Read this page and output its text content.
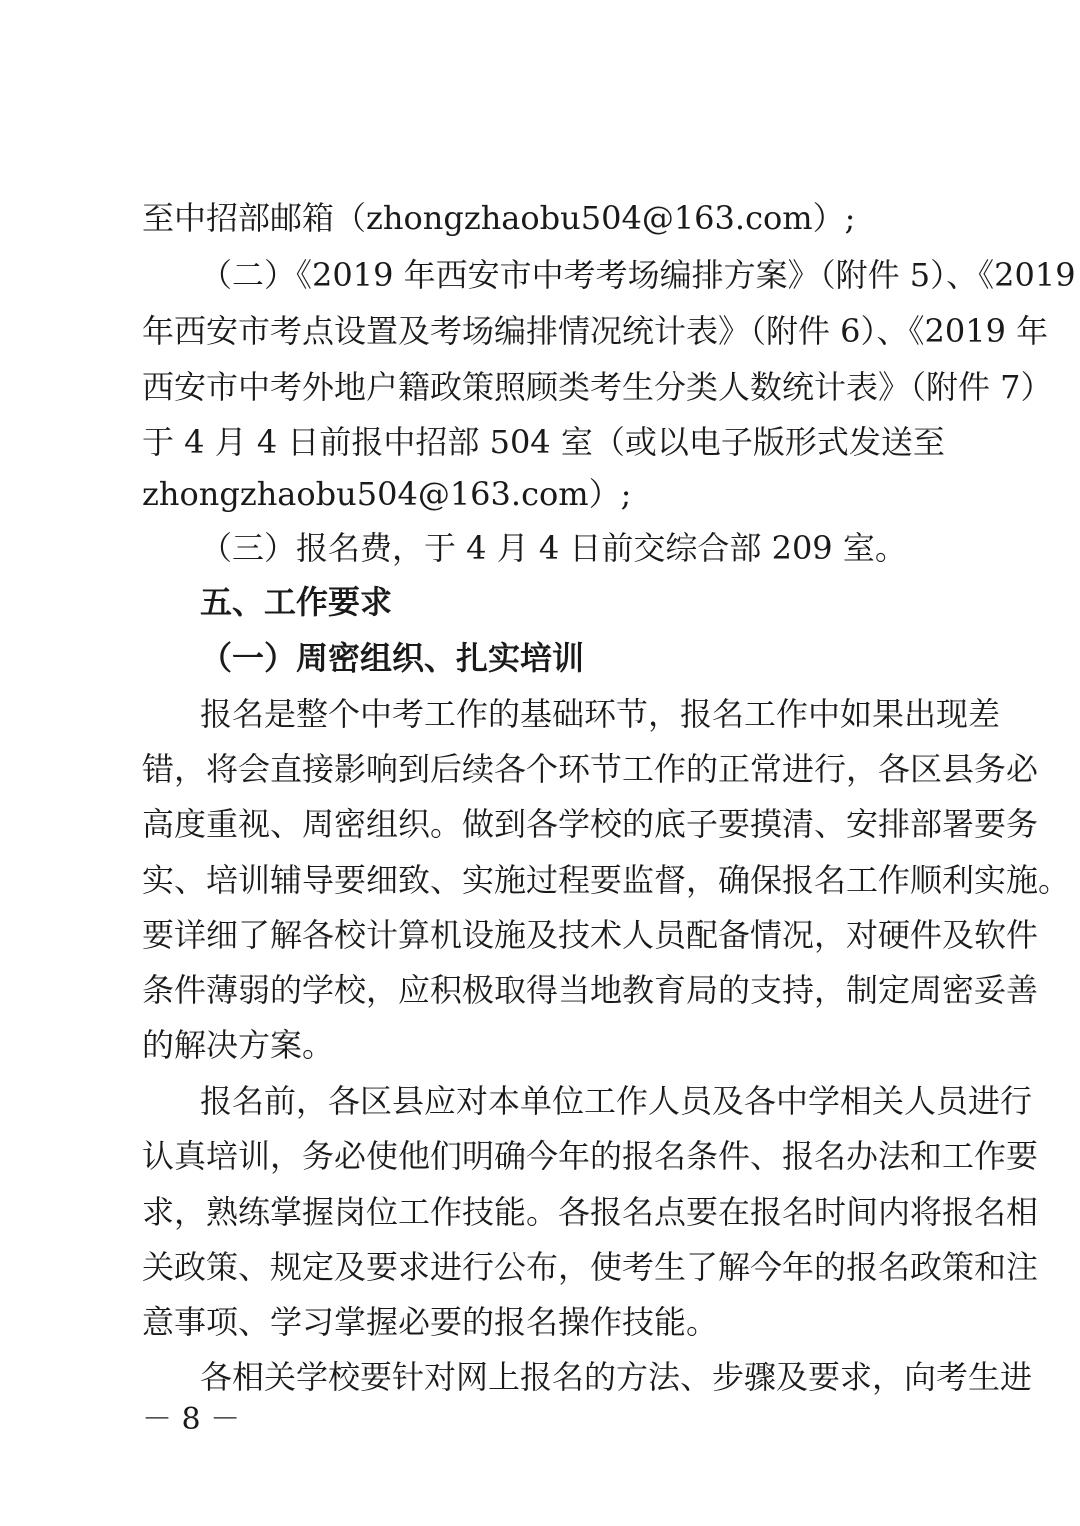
至中招部邮箱（zhongzhaobu504@163.com）;
（二）《2019 年西安市中考考场编排方案》（附件 5）、《2019
年西安市考点设置及考场编排情况统计表》（附件 6）、《2019 年
西安市中考外地户籍政策照顾类考生分类人数统计表》（附件 7）
于 4 月 4 日前报中招部 504 室（或以电子版形式发送至
zhongzhaobu504@163.com）;
（三）报名费，于 4 月 4 日前交综合部 209 室。
五、工作要求
（一）周密组织、扎实培训
报名是整个中考工作的基础环节，报名工作中如果出现差
错，将会直接影响到后续各个环节工作的正常进行，各区县务必
高度重视、周密组织。做到各学校的底子要摸清、安排部署要务
实、培训辅导要细致、实施过程要监督，确保报名工作顺利实施。
要详细了解各校计算机设施及技术人员配备情况，对硬件及软件
条件薄弱的学校，应积极取得当地教育局的支持，制定周密妥善
的解决方案。
报名前，各区县应对本单位工作人员及各中学相关人员进行
认真培训，务必使他们明确今年的报名条件、报名办法和工作要
求，熟练掌握岗位工作技能。各报名点要在报名时间内将报名相
关政策、规定及要求进行公布，使考生了解今年的报名政策和注
意事项、学习掌握必要的报名操作技能。
各相关学校要针对网上报名的方法、步骤及要求，向考生进
－ 8 －
